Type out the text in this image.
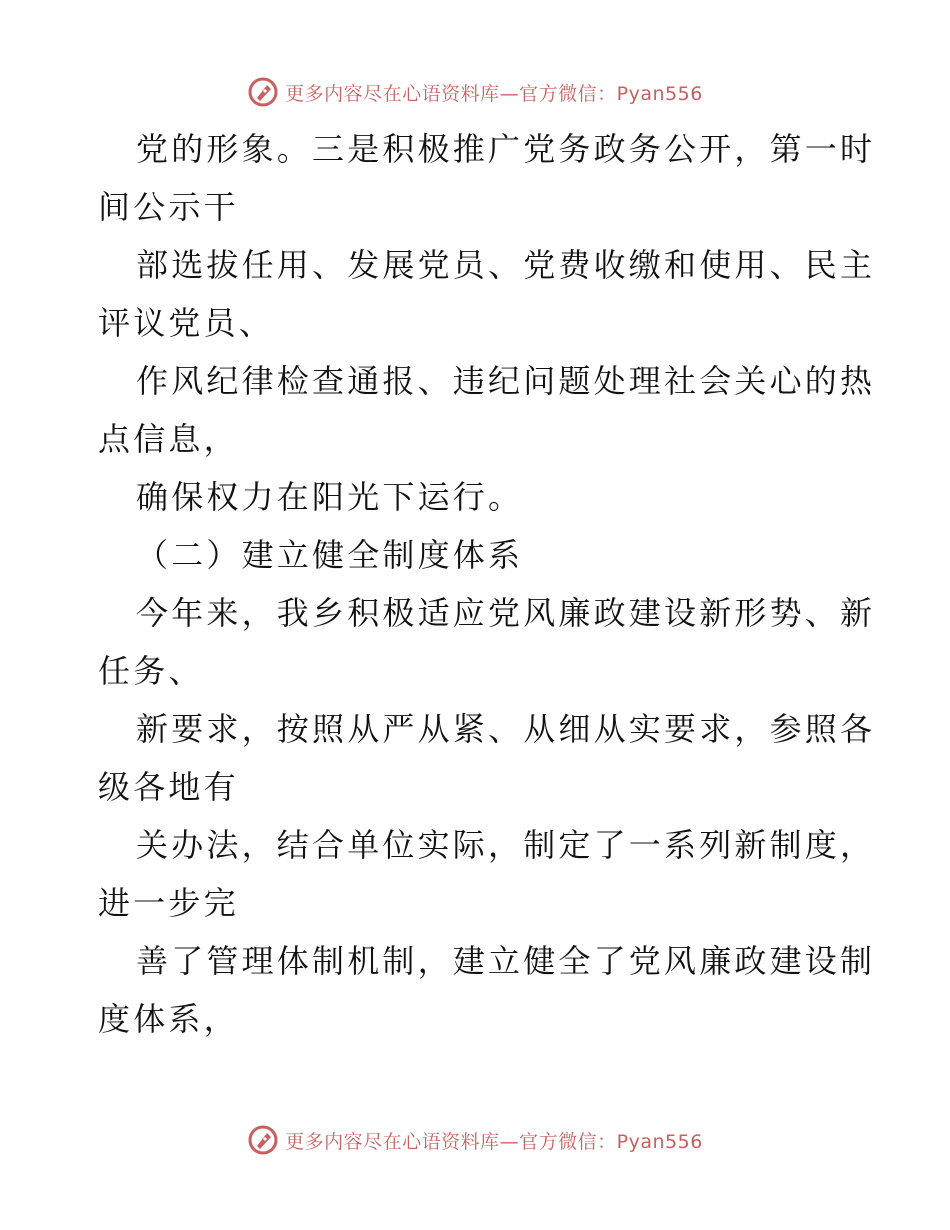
更多内容尽在心语资料库—官方微信：Pyan556
党的形象。三是积极推广党务政务公开，第一时
间公示干
部选拔任用、发展党员、党费收缴和使用、民主
评议党员、
作风纪律检查通报、违纪问题处理社会关心的热
点信息，
确保权力在阳光下运行。
（二）建立健全制度体系
今年来，我乡积极适应党风廉政建设新形势、新
任务、
新要求，按照从严从紧、从细从实要求，参照各
级各地有
关办法，结合单位实际，制定了一系列新制度，
进一步完
善了管理体制机制，建立健全了党风廉政建设制
度体系，
更多内容尽在心语资料库—官方微信：Pyan556
